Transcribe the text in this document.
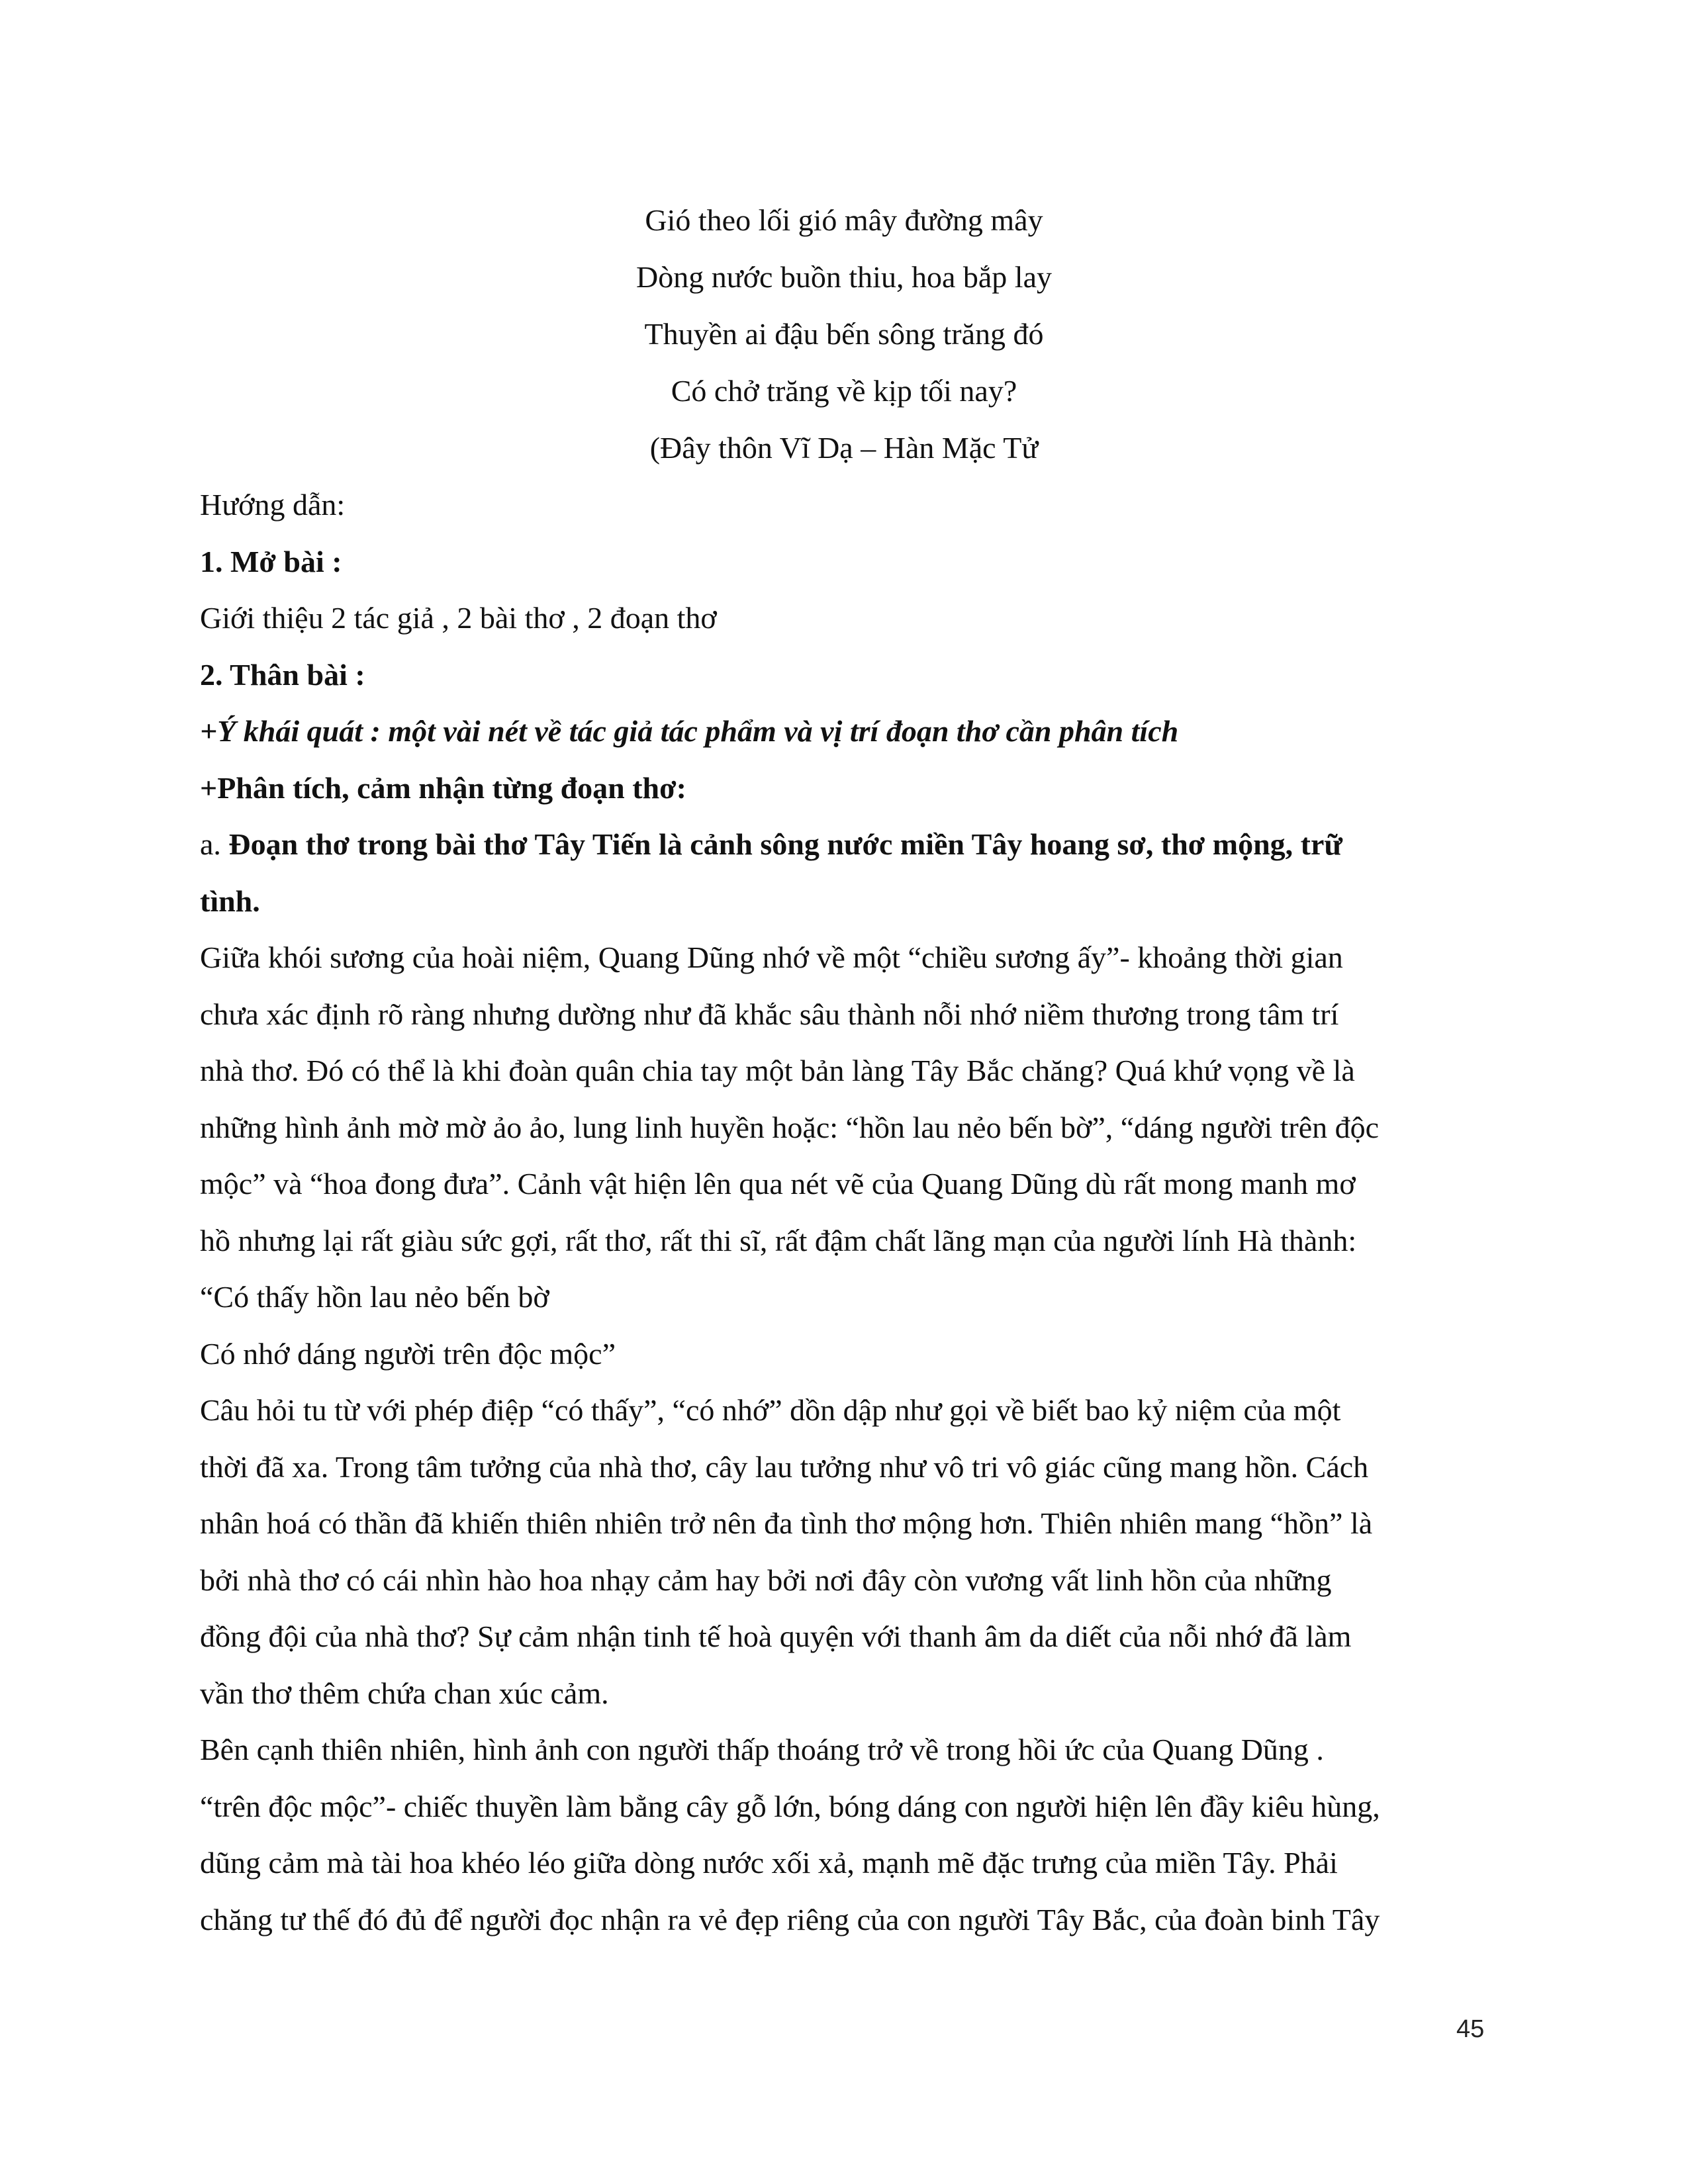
Gió theo lối gió mây đường mây
Dòng nước buồn thiu, hoa bắp lay
Thuyền ai đậu bến sông trăng đó
Có chở trăng về kịp tối nay?
(Đây thôn Vĩ Dạ – Hàn Mặc Tử
Hướng dẫn:
1. Mở bài :
Giới thiệu 2 tác giả , 2 bài thơ , 2 đoạn thơ
2. Thân bài :
+Ý khái quát : một vài nét về tác giả tác phẩm và vị trí đoạn thơ cần phân tích
+Phân tích, cảm nhận từng đoạn thơ:
a. Đoạn thơ trong bài thơ Tây Tiến là cảnh sông nước miền Tây hoang sơ, thơ mộng, trữ
tình.
Giữa khói sương của hoài niệm, Quang Dũng nhớ về một “chiều sương ấy”- khoảng thời gian
chưa xác định rõ ràng nhưng dường như đã khắc sâu thành nỗi nhớ niềm thương trong tâm trí
nhà thơ. Đó có thể là khi đoàn quân chia tay một bản làng Tây Bắc chăng? Quá khứ vọng về là
những hình ảnh mờ mờ ảo ảo, lung linh huyền hoặc: “hồn lau nẻo bến bờ”, “dáng người trên độc
mộc” và “hoa đong đưa”. Cảnh vật hiện lên qua nét vẽ của Quang Dũng dù rất mong manh mơ
hồ nhưng lại rất giàu sức gợi, rất thơ, rất thi sĩ, rất đậm chất lãng mạn của người lính Hà thành:
“Có thấy hồn lau nẻo bến bờ
Có nhớ dáng người trên độc mộc”
Câu hỏi tu từ với phép điệp “có thấy”, “có nhớ” dồn dập như gọi về biết bao kỷ niệm của một
thời đã xa. Trong tâm tưởng của nhà thơ, cây lau tưởng như vô tri vô giác cũng mang hồn. Cách
nhân hoá có thần đã khiến thiên nhiên trở nên đa tình thơ mộng hơn. Thiên nhiên mang “hồn” là
bởi nhà thơ có cái nhìn hào hoa nhạy cảm hay bởi nơi đây còn vương vất linh hồn của những
đồng đội của nhà thơ? Sự cảm nhận tinh tế hoà quyện với thanh âm da diết của nỗi nhớ đã làm
vần thơ thêm chứa chan xúc cảm.
Bên cạnh thiên nhiên, hình ảnh con người thấp thoáng trở về trong hồi ức của Quang Dũng .
“trên độc mộc”- chiếc thuyền làm bằng cây gỗ lớn, bóng dáng con người hiện lên đầy kiêu hùng,
dũng cảm mà tài hoa khéo léo giữa dòng nước xối xả, mạnh mẽ đặc trưng của miền Tây. Phải
chăng tư thế đó đủ để người đọc nhận ra vẻ đẹp riêng của con người Tây Bắc, của đoàn binh Tây
45
